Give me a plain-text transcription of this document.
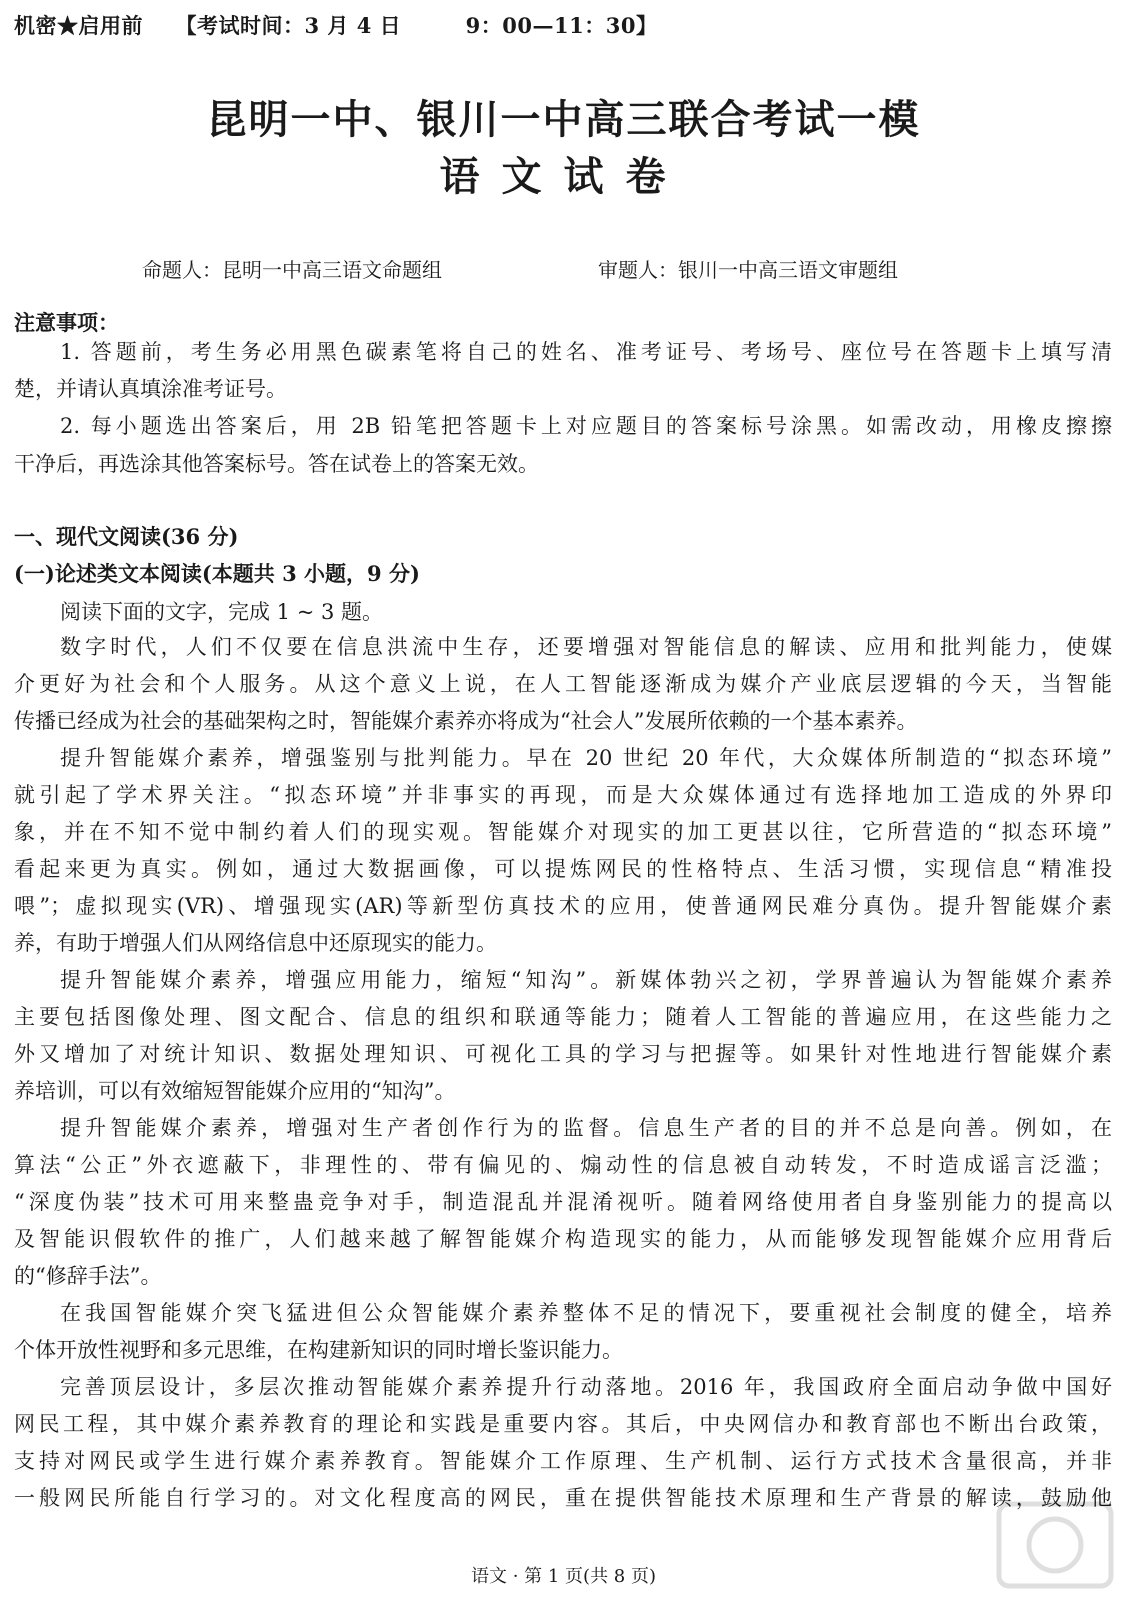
机密★启用前　　 【考试时间：3 月 4 日　　　9：00—11：30】
昆明一中、银川一中高三联合考试一模
语文试卷
命题人：昆明一中高三语文命题组	审题人：银川一中高三语文审题组
注意事项：
1. 答题前，考生务必用黑色碳素笔将自己的姓名、准考证号、考场号、座位号在答题卡上填写清
楚，并请认真填涂准考证号。
2. 每小题选出答案后，用 2B 铅笔把答题卡上对应题目的答案标号涂黑。如需改动，用橡皮擦擦
干净后，再选涂其他答案标号。答在试卷上的答案无效。
一、现代文阅读(36 分)
(一)论述类文本阅读(本题共 3 小题，9 分)
阅读下面的文字，完成 1 ~ 3 题。
数字时代，人们不仅要在信息洪流中生存，还要增强对智能信息的解读、应用和批判能力，使媒
介更好为社会和个人服务。从这个意义上说，在人工智能逐渐成为媒介产业底层逻辑的今天，当智能
传播已经成为社会的基础架构之时，智能媒介素养亦将成为“社会人”发展所依赖的一个基本素养。
提升智能媒介素养，增强鉴别与批判能力。早在 20 世纪 20 年代，大众媒体所制造的“拟态环境”
就引起了学术界关注。“拟态环境”并非事实的再现，而是大众媒体通过有选择地加工造成的外界印
象，并在不知不觉中制约着人们的现实观。智能媒介对现实的加工更甚以往，它所营造的“拟态环境”
看起来更为真实。例如，通过大数据画像，可以提炼网民的性格特点、生活习惯，实现信息“精准投
喂”；虚拟现实(VR)、增强现实(AR)等新型仿真技术的应用，使普通网民难分真伪。提升智能媒介素
养，有助于增强人们从网络信息中还原现实的能力。
提升智能媒介素养，增强应用能力，缩短“知沟”。新媒体勃兴之初，学界普遍认为智能媒介素养
主要包括图像处理、图文配合、信息的组织和联通等能力；随着人工智能的普遍应用，在这些能力之
外又增加了对统计知识、数据处理知识、可视化工具的学习与把握等。如果针对性地进行智能媒介素
养培训，可以有效缩短智能媒介应用的“知沟”。
提升智能媒介素养，增强对生产者创作行为的监督。信息生产者的目的并不总是向善。例如，在
算法“公正”外衣遮蔽下，非理性的、带有偏见的、煽动性的信息被自动转发，不时造成谣言泛滥；
“深度伪装”技术可用来整蛊竞争对手，制造混乱并混淆视听。随着网络使用者自身鉴别能力的提高以
及智能识假软件的推广，人们越来越了解智能媒介构造现实的能力，从而能够发现智能媒介应用背后
的“修辞手法”。
在我国智能媒介突飞猛进但公众智能媒介素养整体不足的情况下，要重视社会制度的健全，培养
个体开放性视野和多元思维，在构建新知识的同时增长鉴识能力。
完善顶层设计，多层次推动智能媒介素养提升行动落地。2016 年，我国政府全面启动争做中国好
网民工程，其中媒介素养教育的理论和实践是重要内容。其后，中央网信办和教育部也不断出台政策，
支持对网民或学生进行媒介素养教育。智能媒介工作原理、生产机制、运行方式技术含量很高，并非
一般网民所能自行学习的。对文化程度高的网民，重在提供智能技术原理和生产背景的解读，鼓励他
语文 · 第 1 页(共 8 页)
